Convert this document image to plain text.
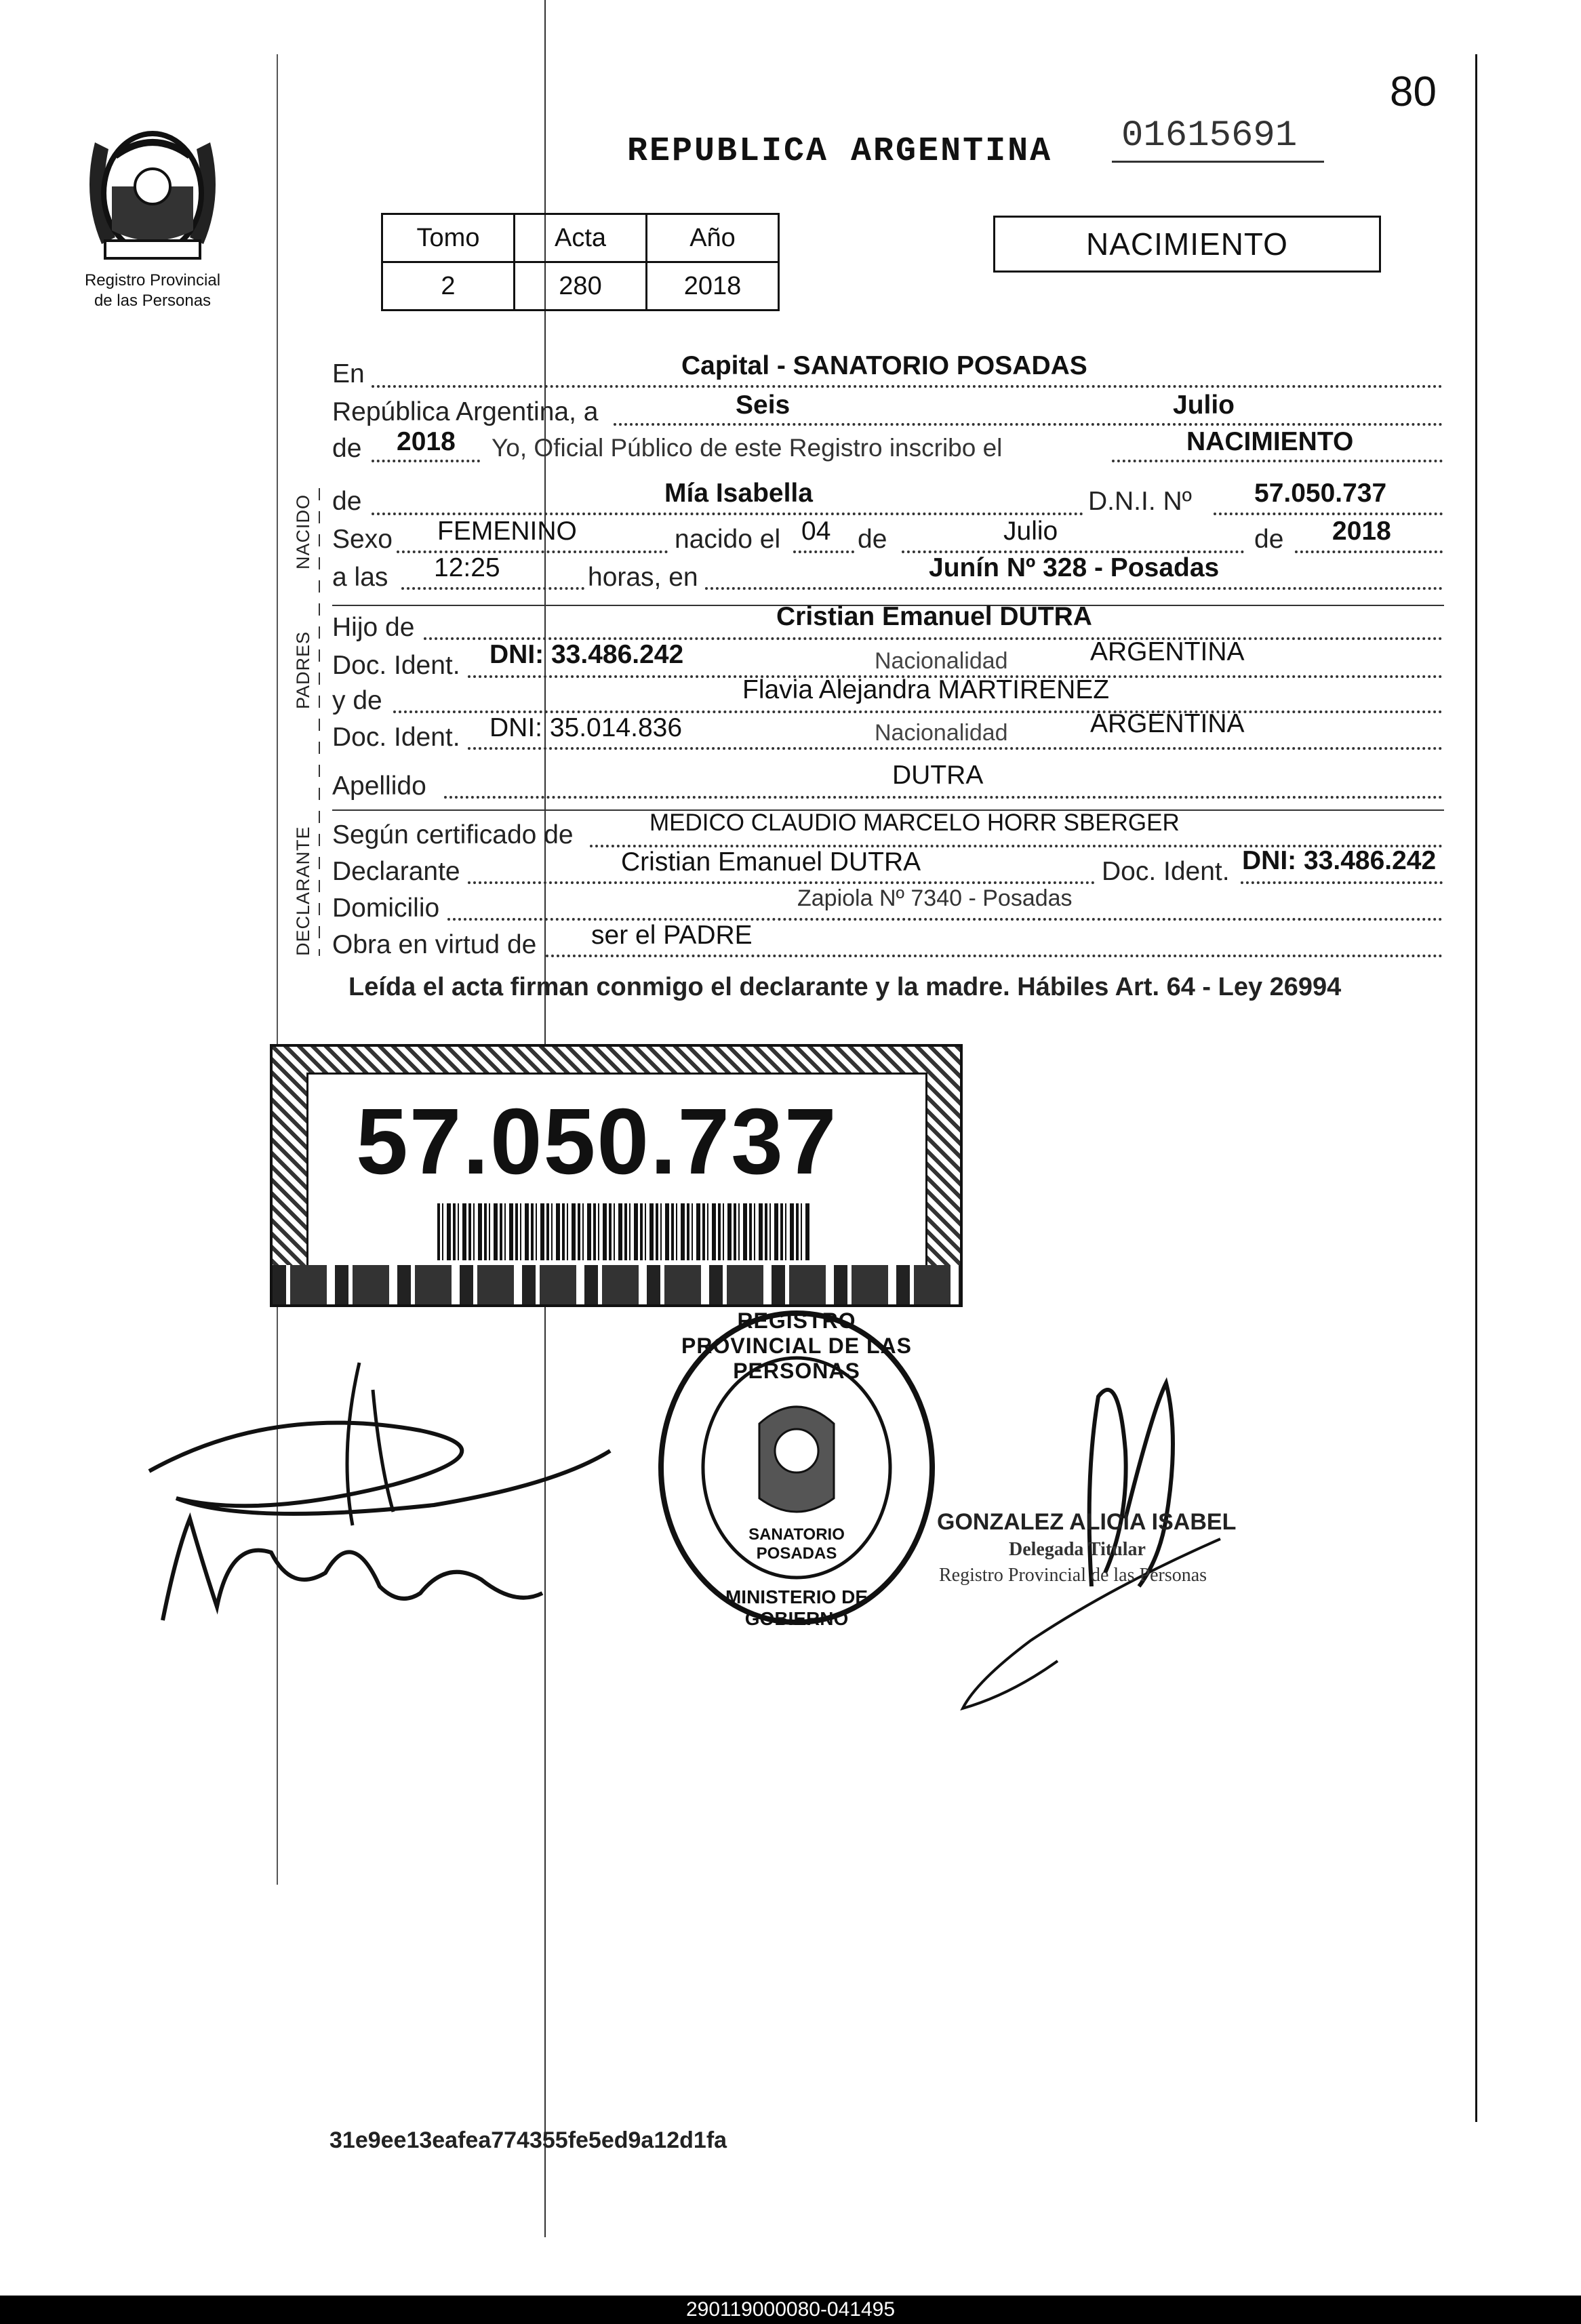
80
Registro Provincial
de las Personas
REPUBLICA ARGENTINA 01615691
NACIMIENTO
Tomo	Acta	Año
2	280	2018
NACIDO
PADRES
DECLARANTE
En	Capital - SANATORIO POSADAS
República Argentina, a	Seis	Julio
de 2018 Yo, Oficial Público de este Registro inscribo el	NACIMIENTO
de	Mía Isabella	D.N.I. Nº 57.050.737
Sexo FEMENINO	nacido el 04 de	Julio	de 2018
a las 12:25	horas, en	Junín Nº 328 - Posadas
Hijo de	Cristian Emanuel DUTRA
Doc. Ident. DNI: 33.486.242	Nacionalidad	ARGENTINA
y de	Flavia Alejandra MARTIRENEZ
Doc. Ident. DNI: 35.014.836	Nacionalidad	ARGENTINA
Apellido	DUTRA
Según certificado de	MEDICO CLAUDIO MARCELO HORR SBERGER
Declarante	Cristian Emanuel DUTRA	Doc. Ident. DNI: 33.486.242
Domicilio	Zapiola Nº 7340 - Posadas
Obra en virtud de ser el PADRE
Leída el acta firman conmigo el declarante y la madre. Hábiles Art. 64 - Ley 26994
57.050.737
REGISTRO PROVINCIAL DE LAS PERSONAS
SANATORIO POSADAS
MINISTERIO DE GOBIERNO
GONZALEZ ALICIA ISABEL
Delegada Titular
Registro Provincial de las Personas
31e9ee13eafea774355fe5ed9a12d1fa
290119000080-041495
